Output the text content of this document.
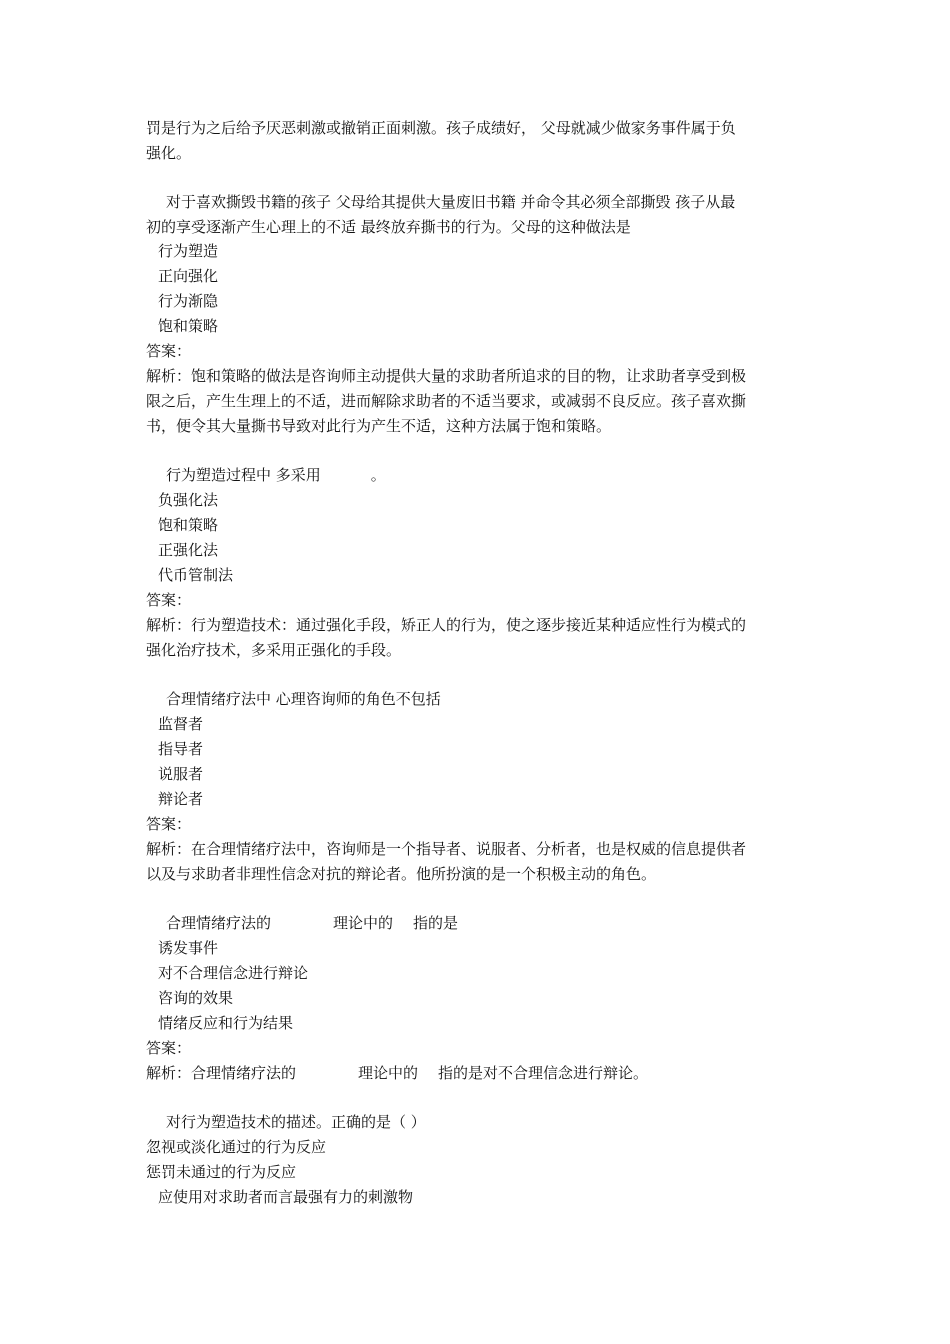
罚是行为之后给予厌恶刺激或撤销正面刺激。孩子成绩好， 父母就减少做家务事件属于负
强化。
对于喜欢撕毁书籍的孩子 父母给其提供大量废旧书籍 并命令其必须全部撕毁 孩子从最
初的享受逐渐产生心理上的不适 最终放弃撕书的行为。父母的这种做法是
行为塑造
正向强化
行为渐隐
饱和策略
答案：
解析：饱和策略的做法是咨询师主动提供大量的求助者所追求的目的物，让求助者享受到极
限之后，产生生理上的不适，进而解除求助者的不适当要求，或减弱不良反应。孩子喜欢撕
书，便令其大量撕书导致对此行为产生不适，这种方法属于饱和策略。
行为塑造过程中 多采用	。
负强化法
饱和策略
正强化法
代币管制法
答案：
解析：行为塑造技术：通过强化手段，矫正人的行为，使之逐步接近某种适应性行为模式的
强化治疗技术，多采用正强化的手段。
合理情绪疗法中 心理咨询师的角色不包括
监督者
指导者
说服者
辩论者
答案：
解析：在合理情绪疗法中，咨询师是一个指导者、说服者、分析者，也是权威的信息提供者
以及与求助者非理性信念对抗的辩论者。他所扮演的是一个积极主动的角色。
合理情绪疗法的	理论中的 指的是
诱发事件
对不合理信念进行辩论
咨询的效果
情绪反应和行为结果
答案：
解析：合理情绪疗法的	理论中的 指的是对不合理信念进行辩论。
对行为塑造技术的描述。正确的是（ ）
忽视或淡化通过的行为反应
惩罚未通过的行为反应
应使用对求助者而言最强有力的刺激物
